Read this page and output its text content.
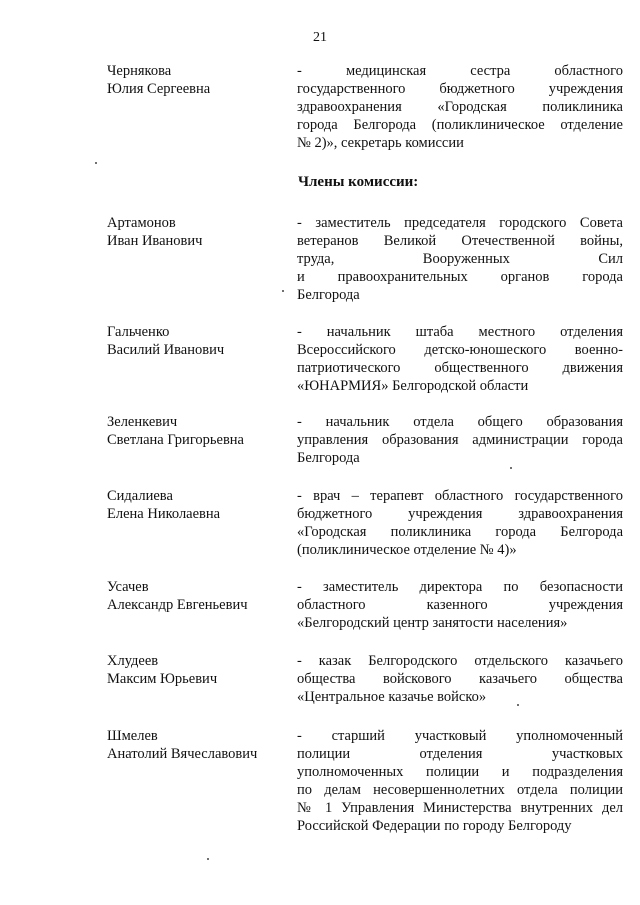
21
Чернякова
Юлия Сергеевна
- медицинская сестра областного
государственного бюджетного учреждения
здравоохранения «Городская поликлиника
города Белгорода (поликлиническое отделение
№ 2)», секретарь комиссии
Члены комиссии:
Артамонов
Иван Иванович
- заместитель председателя городского Совета
ветеранов Великой Отечественной войны,
труда, Вооруженных Сил
и правоохранительных органов города
Белгорода
Гальченко
Василий Иванович
- начальник штаба местного отделения
Всероссийского детско-юношеского военно-
патриотического общественного движения
«ЮНАРМИЯ» Белгородской области
Зеленкевич
Светлана Григорьевна
- начальник отдела общего образования
управления образования администрации города
Белгорода
Сидалиева
Елена Николаевна
- врач – терапевт областного государственного
бюджетного учреждения здравоохранения
«Городская поликлиника города Белгорода
(поликлиническое отделение № 4)»
Усачев
Александр Евгеньевич
- заместитель директора по безопасности
областного казенного учреждения
«Белгородский центр занятости населения»
Хлудеев
Максим Юрьевич
- казак Белгородского отдельского казачьего
общества войскового казачьего общества
«Центральное казачье войско»
Шмелев
Анатолий Вячеславович
- старший участковый уполномоченный
полиции отделения участковых
уполномоченных полиции и подразделения
по делам несовершеннолетних отдела полиции
№ 1 Управления Министерства внутренних дел
Российской Федерации по городу Белгороду
